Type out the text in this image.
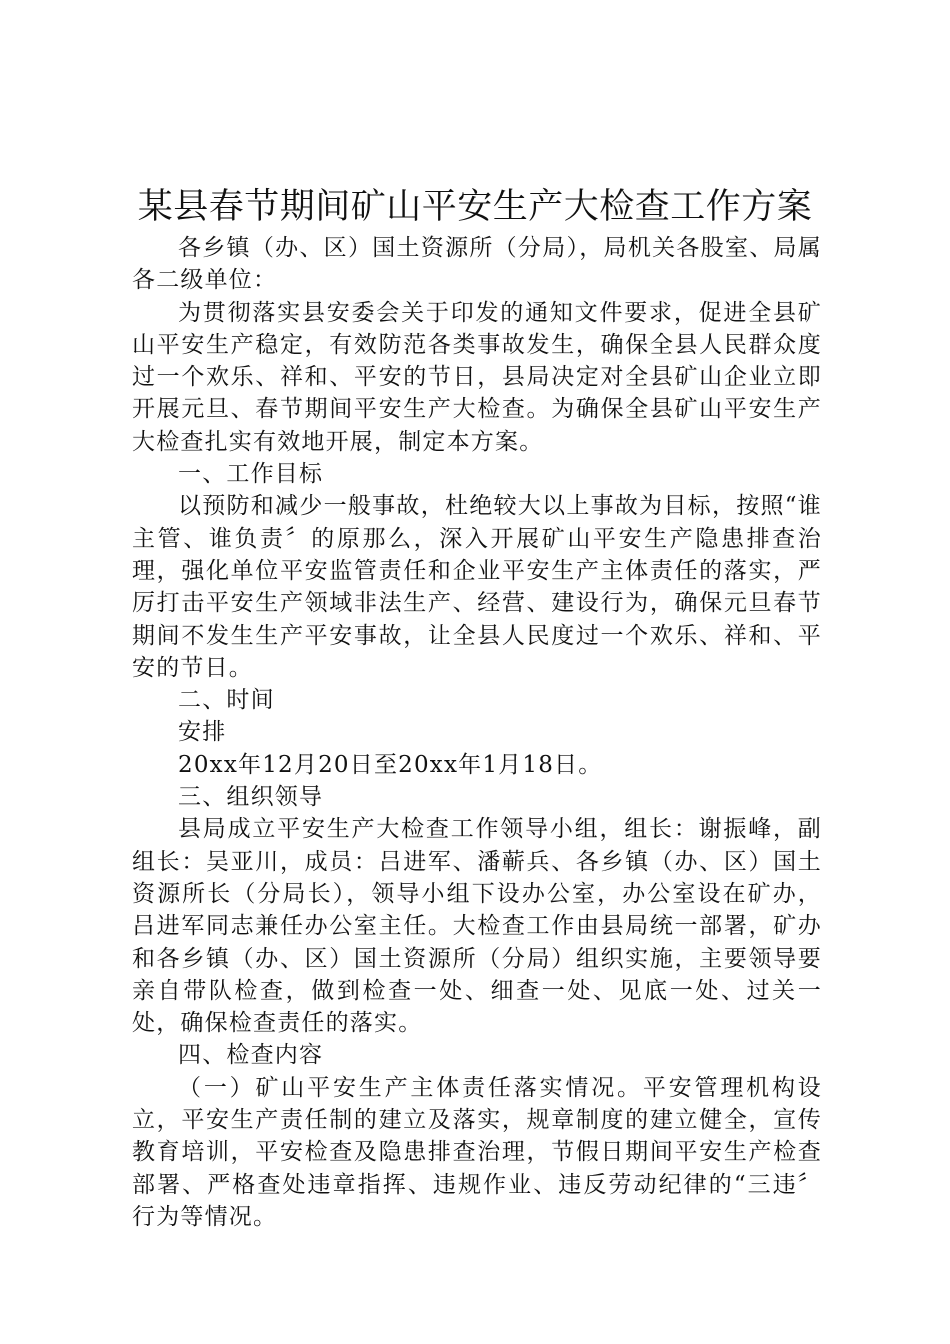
某县春节期间矿山平安生产大检查工作方案

各乡镇（办、区）国土资源所（分局），局机关各股室、局属各二级单位：

为贯彻落实县安委会关于印发的通知文件要求，促进全县矿山平安生产稳定，有效防范各类事故发生，确保全县人民群众度过一个欢乐、祥和、平安的节日，县局决定对全县矿山企业立即开展元旦、春节期间平安生产大检查。为确保全县矿山平安生产大检查扎实有效地开展，制定本方案。

一、工作目标

以预防和减少一般事故，杜绝较大以上事故为目标，按照“谁主管、谁负责〞的原那么，深入开展矿山平安生产隐患排查治理，强化单位平安监管责任和企业平安生产主体责任的落实，严厉打击平安生产领域非法生产、经营、建设行为，确保元旦春节期间不发生生产平安事故，让全县人民度过一个欢乐、祥和、平安的节日。

二、时间

安排

20xx年12月20日至20xx年1月18日。

三、组织领导

县局成立平安生产大检查工作领导小组，组长：谢振峰，副组长：吴亚川，成员：吕进军、潘蕲兵、各乡镇（办、区）国土资源所长（分局长），领导小组下设办公室，办公室设在矿办，吕进军同志兼任办公室主任。大检查工作由县局统一部署，矿办和各乡镇（办、区）国土资源所（分局）组织实施，主要领导要亲自带队检查，做到检查一处、细查一处、见底一处、过关一处，确保检查责任的落实。

四、检查内容

（一）矿山平安生产主体责任落实情况。平安管理机构设立，平安生产责任制的建立及落实，规章制度的建立健全，宣传教育培训，平安检查及隐患排查治理，节假日期间平安生产检查部署、严格查处违章指挥、违规作业、违反劳动纪律的“三违〞行为等情况。
